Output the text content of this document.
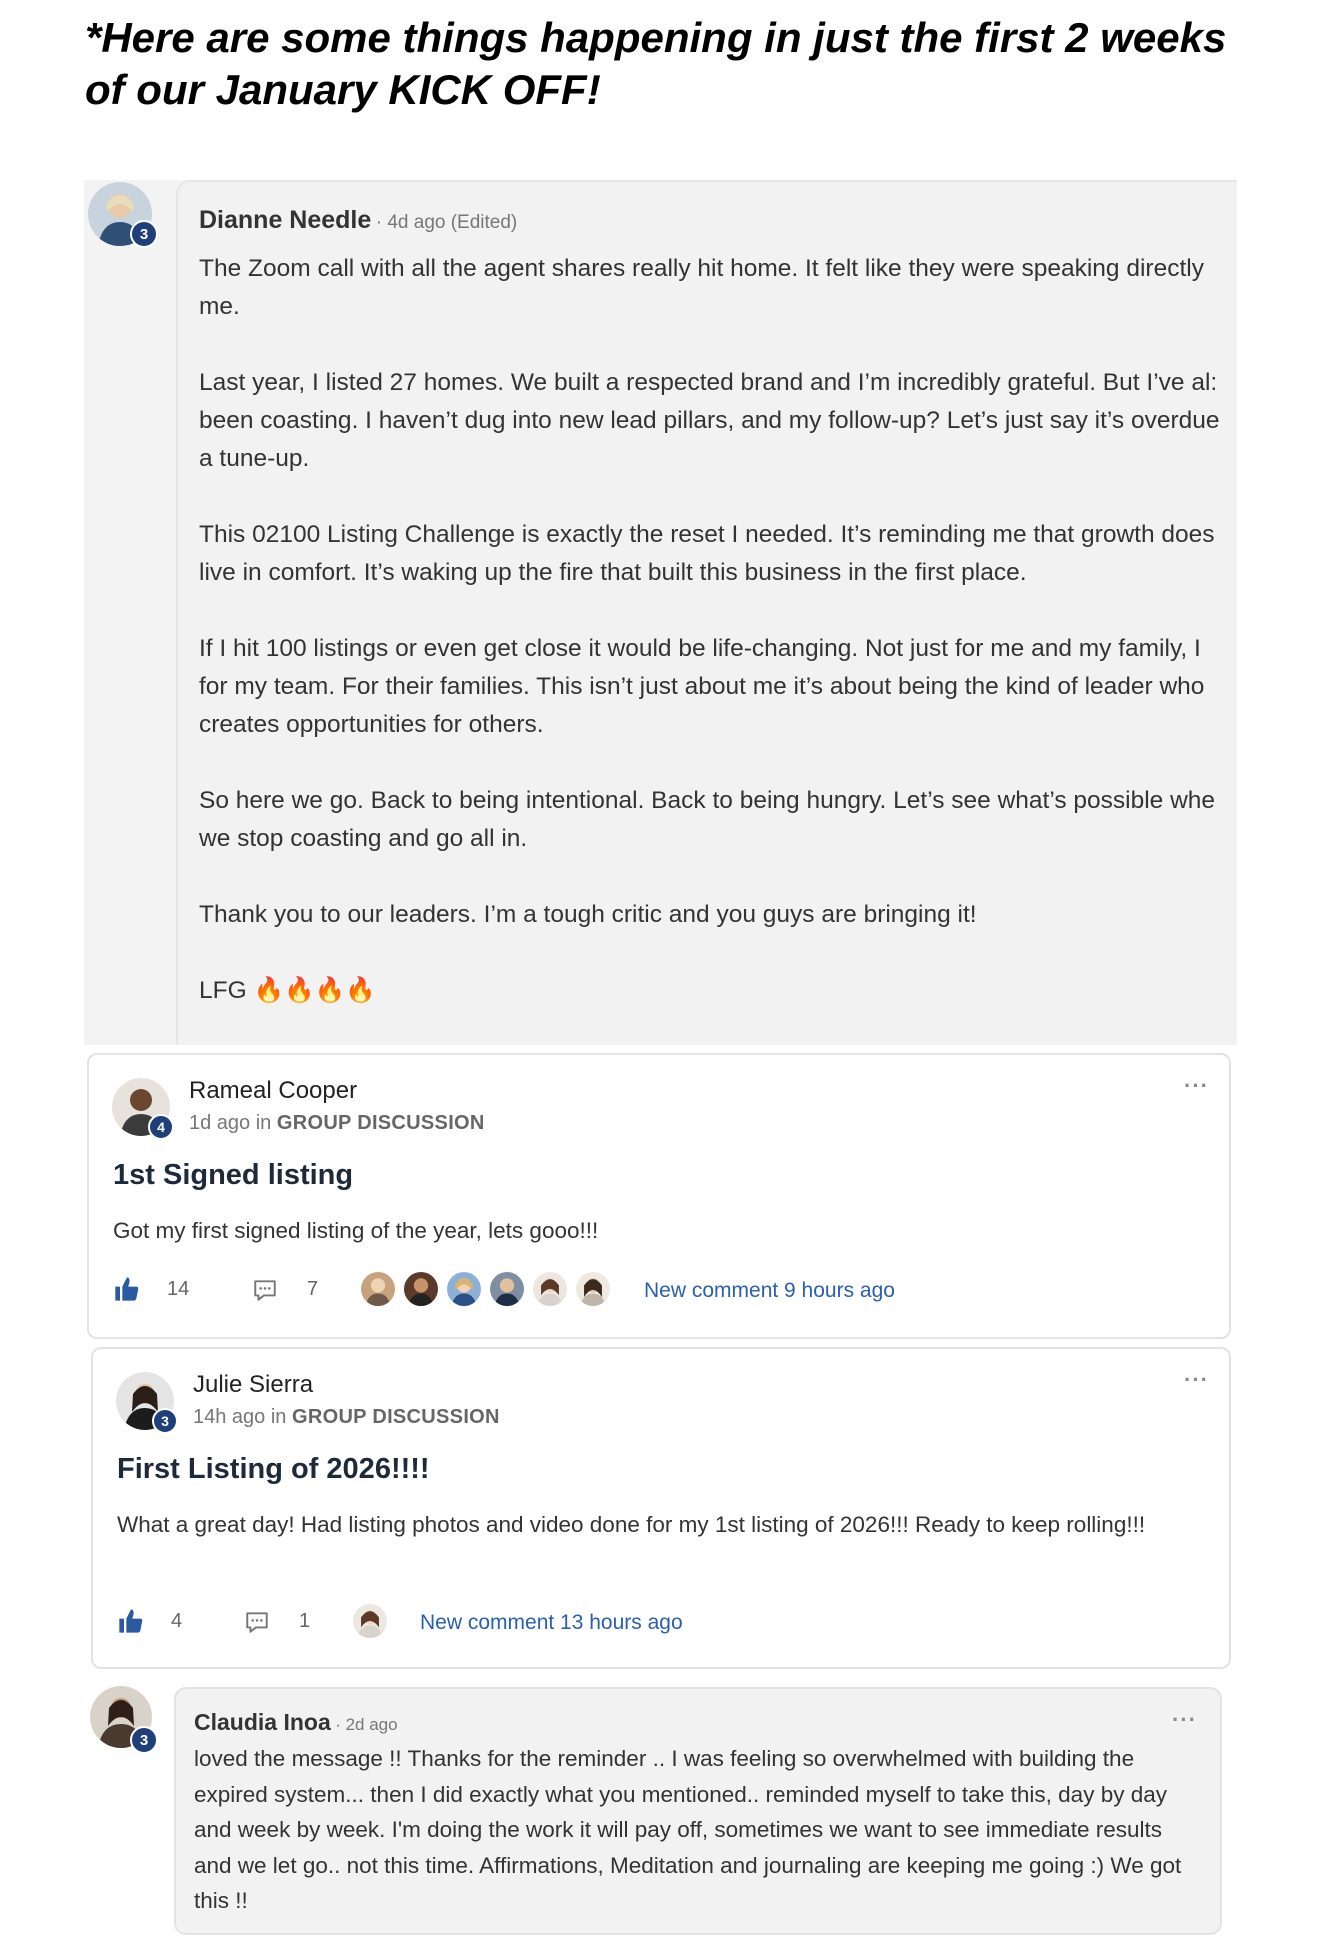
*Here are some things happening in just the first 2 weeks of our January KICK OFF!
3	Dianne Needle · 4d ago (Edited)
The Zoom call with all the agent shares really hit home. It felt like they were speaking directly
me.

Last year, I listed 27 homes. We built a respected brand and I’m incredibly grateful. But I’ve al:
been coasting. I haven’t dug into new lead pillars, and my follow-up? Let’s just say it’s overdue
a tune-up.

This 02100 Listing Challenge is exactly the reset I needed. It’s reminding me that growth does
live in comfort. It’s waking up the fire that built this business in the first place.

If I hit 100 listings or even get close it would be life-changing. Not just for me and my family, I
for my team. For their families. This isn’t just about me it’s about being the kind of leader who
creates opportunities for others.

So here we go. Back to being intentional. Back to being hungry. Let’s see what’s possible whe
we stop coasting and go all in.

Thank you to our leaders. I’m a tough critic and you guys are bringing it!

LFG 🔥🔥🔥🔥
4
Rameal Cooper
1d ago in GROUP DISCUSSION
···
1st Signed listing
Got my first signed listing of the year, lets gooo!!!
14	7	New comment 9 hours ago
3
Julie Sierra
14h ago in GROUP DISCUSSION
···
First Listing of 2026!!!!
What a great day! Had listing photos and video done for my 1st listing of 2026!!! Ready to keep rolling!!!
4	1	New comment 13 hours ago
3
Claudia Inoa · 2d ago	···
loved the message !! Thanks for the reminder .. I was feeling so overwhelmed with building the expired system... then I did exactly what you mentioned.. reminded myself to take this, day by day and week by week. I'm doing the work it will pay off, sometimes we want to see immediate results and we let go.. not this time. Affirmations, Meditation and journaling are keeping me going :) We got this !!
